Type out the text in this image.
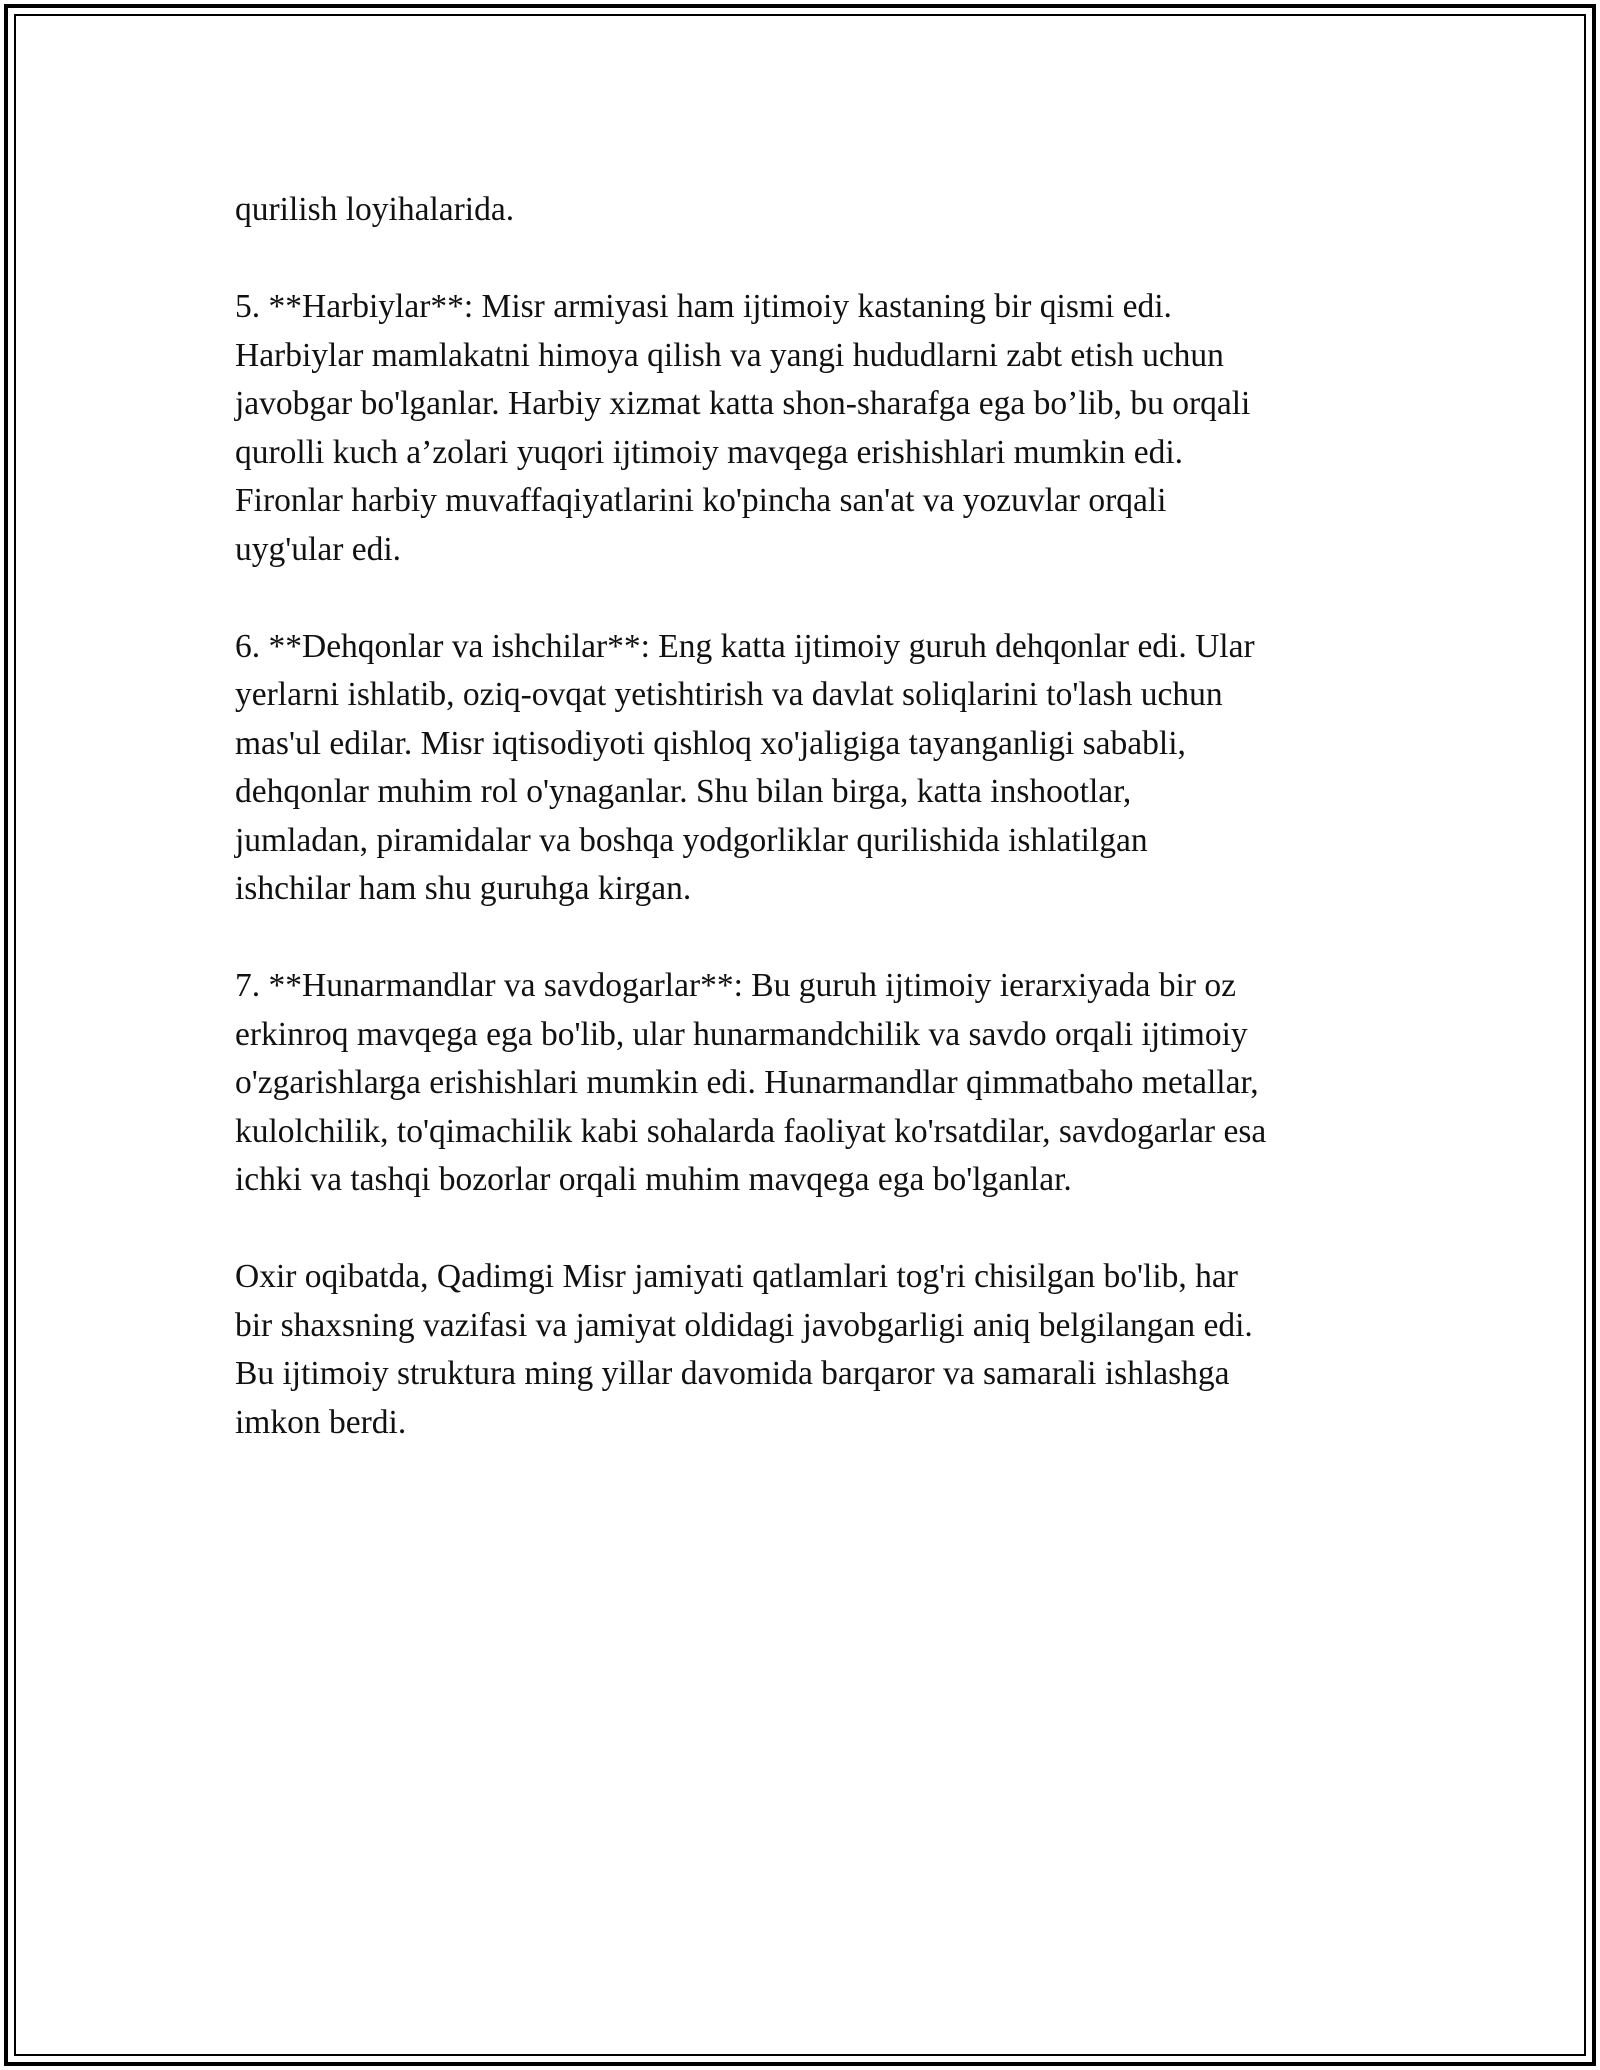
qurilish loyihalarida.

5. **Harbiylar**: Misr armiyasi ham ijtimoiy kastaning bir qismi edi.
Harbiylar mamlakatni himoya qilish va yangi hududlarni zabt etish uchun
javobgar bo'lganlar. Harbiy xizmat katta shon-sharafga ega bo’lib, bu orqali
qurolli kuch a’zolari yuqori ijtimoiy mavqega erishishlari mumkin edi.
Fironlar harbiy muvaffaqiyatlarini ko'pincha san'at va yozuvlar orqali
uyg'ular edi.

6. **Dehqonlar va ishchilar**: Eng katta ijtimoiy guruh dehqonlar edi. Ular
yerlarni ishlatib, oziq-ovqat yetishtirish va davlat soliqlarini to'lash uchun
mas'ul edilar. Misr iqtisodiyoti qishloq xo'jaligiga tayanganligi sababli,
dehqonlar muhim rol o'ynaganlar. Shu bilan birga, katta inshootlar,
jumladan, piramidalar va boshqa yodgorliklar qurilishida ishlatilgan
ishchilar ham shu guruhga kirgan.

7. **Hunarmandlar va savdogarlar**: Bu guruh ijtimoiy ierarxiyada bir oz
erkinroq mavqega ega bo'lib, ular hunarmandchilik va savdo orqali ijtimoiy
o'zgarishlarga erishishlari mumkin edi. Hunarmandlar qimmatbaho metallar,
kulolchilik, to'qimachilik kabi sohalarda faoliyat ko'rsatdilar, savdogarlar esa
ichki va tashqi bozorlar orqali muhim mavqega ega bo'lganlar.

Oxir oqibatda, Qadimgi Misr jamiyati qatlamlari tog'ri chisilgan bo'lib, har
bir shaxsning vazifasi va jamiyat oldidagi javobgarligi aniq belgilangan edi.
Bu ijtimoiy struktura ming yillar davomida barqaror va samarali ishlashga
imkon berdi.
